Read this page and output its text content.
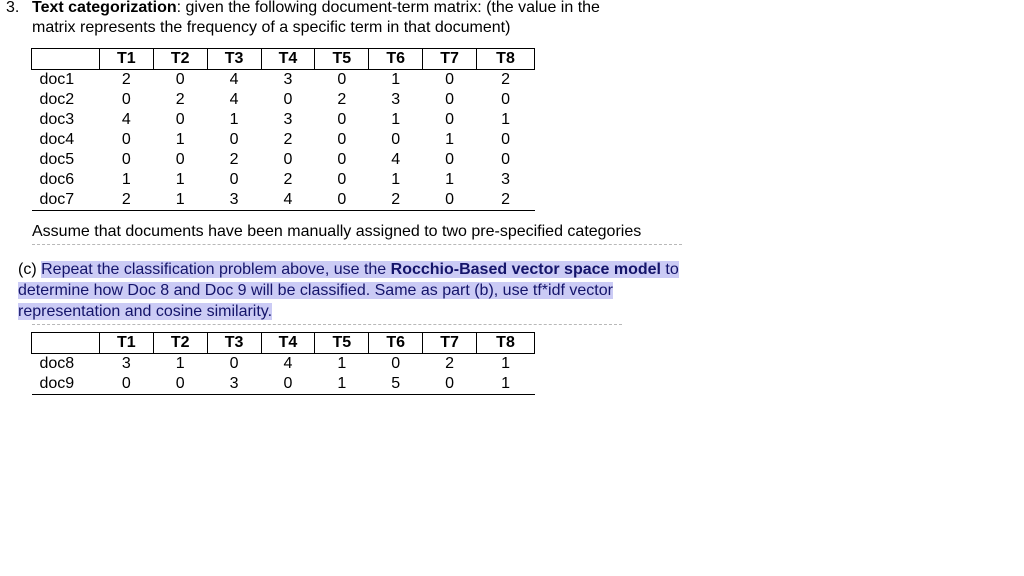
3. Text categorization: given the following document-term matrix: (the value in the
matrix represents the frequency of a specific term in that document)
	T1	T2	T3	T4	T5	T6	T7	T8
doc1	2	0	4	3	0	1	0	2
doc2	0	2	4	0	2	3	0	0
doc3	4	0	1	3	0	1	0	1
doc4	0	1	0	2	0	0	1	0
doc5	0	0	2	0	0	4	0	0
doc6	1	1	0	2	0	1	1	3
doc7	2	1	3	4	0	2	0	2
Assume that documents have been manually assigned to two pre-specified categories
(c) Repeat the classification problem above, use the Rocchio-Based vector space model to determine how Doc 8 and Doc 9 will be classified. Same as part (b), use tf*idf vector representation and cosine similarity.
	T1	T2	T3	T4	T5	T6	T7	T8
doc8	3	1	0	4	1	0	2	1
doc9	0	0	3	0	1	5	0	1
